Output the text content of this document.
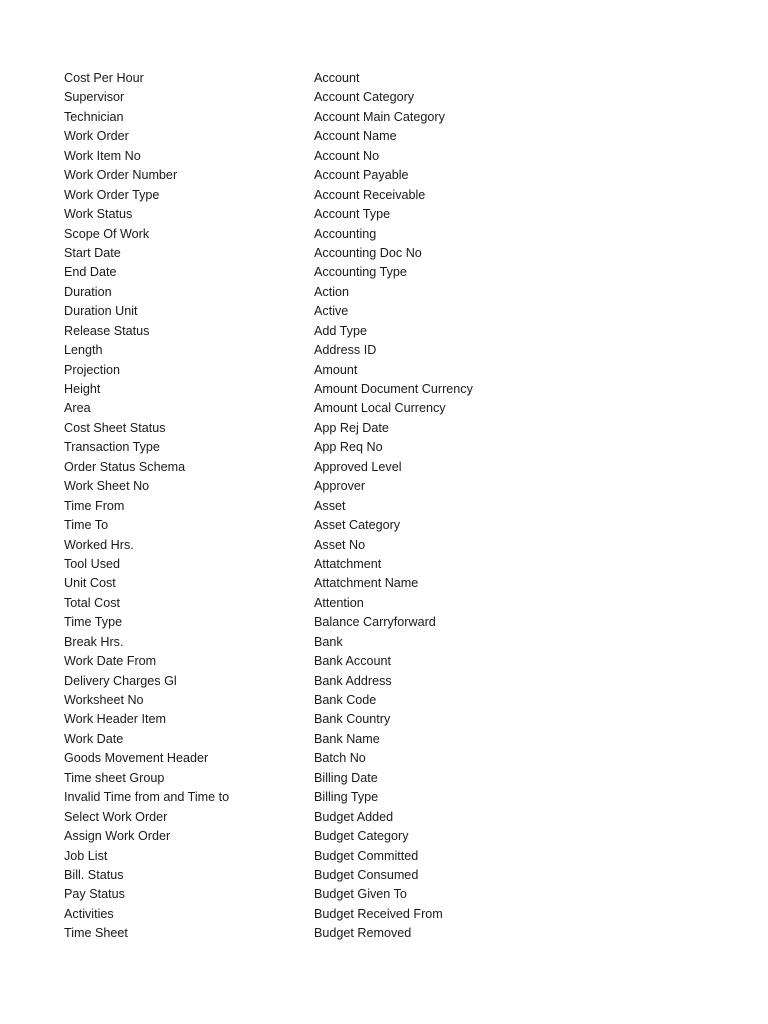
Cost Per Hour
Supervisor
Technician
Work Order
Work Item No
Work Order Number
Work Order Type
Work Status
Scope Of Work
Start Date
End Date
Duration
Duration Unit
Release Status
Length
Projection
Height
Area
Cost Sheet Status
Transaction Type
Order Status Schema
Work Sheet No
Time From
Time To
Worked Hrs.
Tool Used
Unit Cost
Total Cost
Time Type
Break Hrs.
Work Date From
Delivery Charges Gl
Worksheet No
Work Header Item
Work Date
Goods Movement Header
Time sheet Group
Invalid Time from and Time to
Select Work Order
Assign Work Order
Job List
Bill. Status
Pay Status
Activities
Time Sheet
Account
Account Category
Account Main Category
Account Name
Account No
Account Payable
Account Receivable
Account Type
Accounting
Accounting Doc No
Accounting Type
Action
Active
Add Type
Address ID
Amount
Amount Document Currency
Amount Local Currency
App Rej Date
App Req No
Approved Level
Approver
Asset
Asset Category
Asset No
Attatchment
Attatchment Name
Attention
Balance Carryforward
Bank
Bank Account
Bank Address
Bank Code
Bank Country
Bank Name
Batch No
Billing Date
Billing Type
Budget Added
Budget Category
Budget Committed
Budget Consumed
Budget Given To
Budget Received From
Budget Removed
